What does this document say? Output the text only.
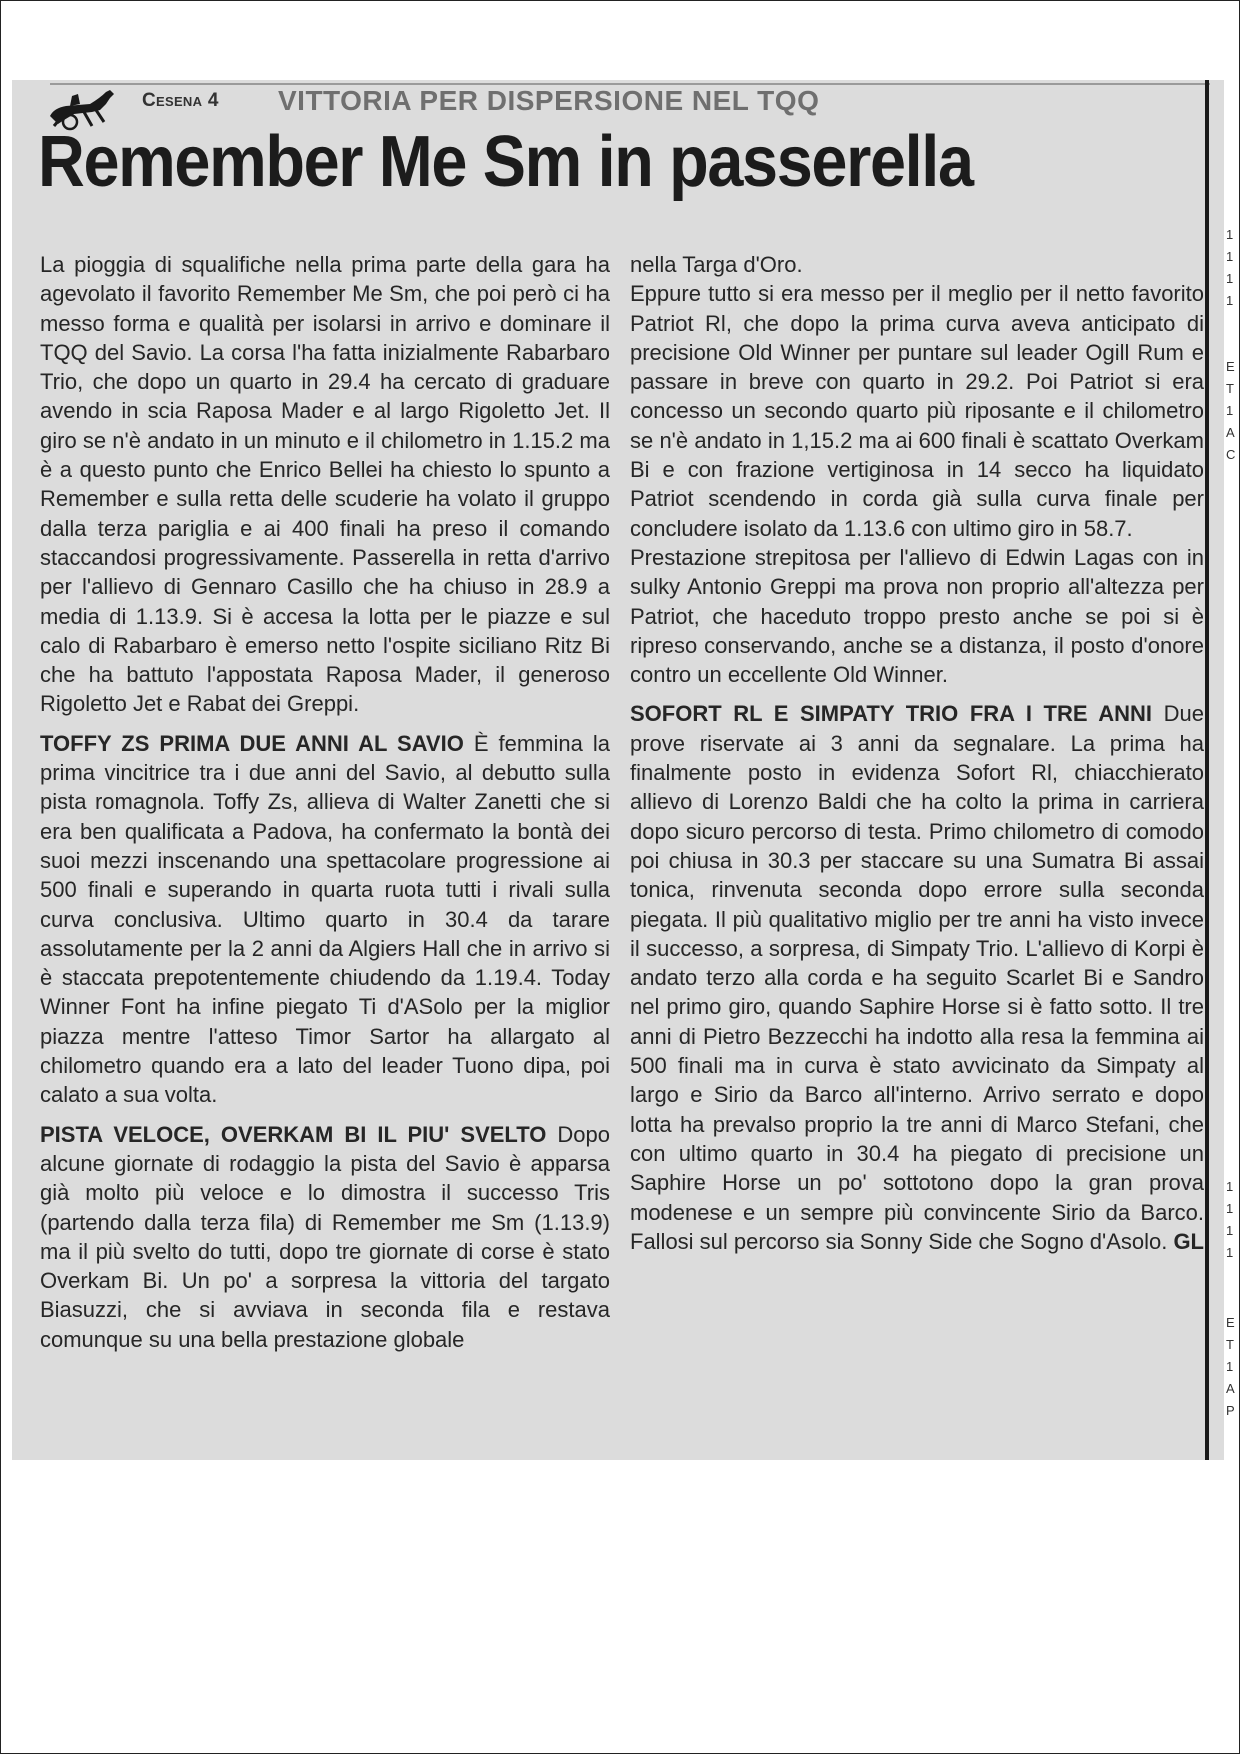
Cesena 4 VITTORIA PER DISPERSIONE NEL TQQ
Remember Me Sm in passerella

La pioggia di squalifiche nella prima parte della gara ha agevolato il favorito Remember Me Sm, che poi però ci ha messo forma e qualità per isolarsi in arrivo e dominare il TQQ del Savio. La corsa l'ha fatta inizialmente Rabarbaro Trio, che dopo un quarto in 29.4 ha cercato di graduare avendo in scia Raposa Mader e al largo Rigoletto Jet. Il giro se n'è andato in un minuto e il chilometro in 1.15.2 ma è a questo punto che Enrico Bellei ha chiesto lo spunto a Remember e sulla retta delle scuderie ha volato il gruppo dalla terza pariglia e ai 400 finali ha preso il comando staccandosi progressivamente. Passerella in retta d'arrivo per l'allievo di Gennaro Casillo che ha chiuso in 28.9 a media di 1.13.9. Si è accesa la lotta per le piazze e sul calo di Rabarbaro è emerso netto l'ospite siciliano Ritz Bi che ha battuto l'appostata Raposa Mader, il generoso Rigoletto Jet e Rabat dei Greppi.

TOFFY ZS PRIMA DUE ANNI AL SAVIO È femmina la prima vincitrice tra i due anni del Savio, al debutto sulla pista romagnola. Toffy Zs, allieva di Walter Zanetti che si era ben qualificata a Padova, ha confermato la bontà dei suoi mezzi inscenando una spettacolare progressione ai 500 finali e superando in quarta ruota tutti i rivali sulla curva conclusiva. Ultimo quarto in 30.4 da tarare assolutamente per la 2 anni da Algiers Hall che in arrivo si è staccata prepotentemente chiudendo da 1.19.4. Today Winner Font ha infine piegato Ti d'ASolo per la miglior piazza mentre l'atteso Timor Sartor ha allargato al chilometro quando era a lato del leader Tuono dipa, poi calato a sua volta.

PISTA VELOCE, OVERKAM BI IL PIU' SVELTO Dopo alcune giornate di rodaggio la pista del Savio è apparsa già molto più veloce e lo dimostra il successo Tris (partendo dalla terza fila) di Remember me Sm (1.13.9) ma il più svelto do tutti, dopo tre giornate di corse è stato Overkam Bi. Un po' a sorpresa la vittoria del targato Biasuzzi, che si avviava in seconda fila e restava comunque su una bella prestazione globale

nella Targa d'Oro.

Eppure tutto si era messo per il meglio per il netto favorito Patriot Rl, che dopo la prima curva aveva anticipato di precisione Old Winner per puntare sul leader Ogill Rum e passare in breve con quarto in 29.2. Poi Patriot si era concesso un secondo quarto più riposante e il chilometro se n'è andato in 1,15.2 ma ai 600 finali è scattato Overkam Bi e con frazione vertiginosa in 14 secco ha liquidato Patriot scendendo in corda già sulla curva finale per concludere isolato da 1.13.6 con ultimo giro in 58.7.

Prestazione strepitosa per l'allievo di Edwin Lagas con in sulky Antonio Greppi ma prova non proprio all'altezza per Patriot, che haceduto troppo presto anche se poi si è ripreso conservando, anche se a distanza, il posto d'onore contro un eccellente Old Winner.

SOFORT RL E SIMPATY TRIO FRA I TRE ANNI Due prove riservate ai 3 anni da segnalare. La prima ha finalmente posto in evidenza Sofort Rl, chiacchierato allievo di Lorenzo Baldi che ha colto la prima in carriera dopo sicuro percorso di testa. Primo chilometro di comodo poi chiusa in 30.3 per staccare su una Sumatra Bi assai tonica, rinvenuta seconda dopo errore sulla seconda piegata. Il più qualitativo miglio per tre anni ha visto invece il successo, a sorpresa, di Simpaty Trio. L'allievo di Korpi è andato terzo alla corda e ha seguito Scarlet Bi e Sandro nel primo giro, quando Saphire Horse si è fatto sotto. Il tre anni di Pietro Bezzecchi ha indotto alla resa la femmina ai 500 finali ma in curva è stato avvicinato da Simpaty al largo e Sirio da Barco all'interno. Arrivo serrato e dopo lotta ha prevalso proprio la tre anni di Marco Stefani, che con ultimo quarto in 30.4 ha piegato di precisione un Saphire Horse un po' sottotono dopo la gran prova modenese e un sempre più convincente Sirio da Barco. Fallosi sul percorso sia Sonny Side che Sogno d'Asolo. GL

1
1
1
1
E
T
1
A
C
1
1
1
1
E
T
1
A
P
